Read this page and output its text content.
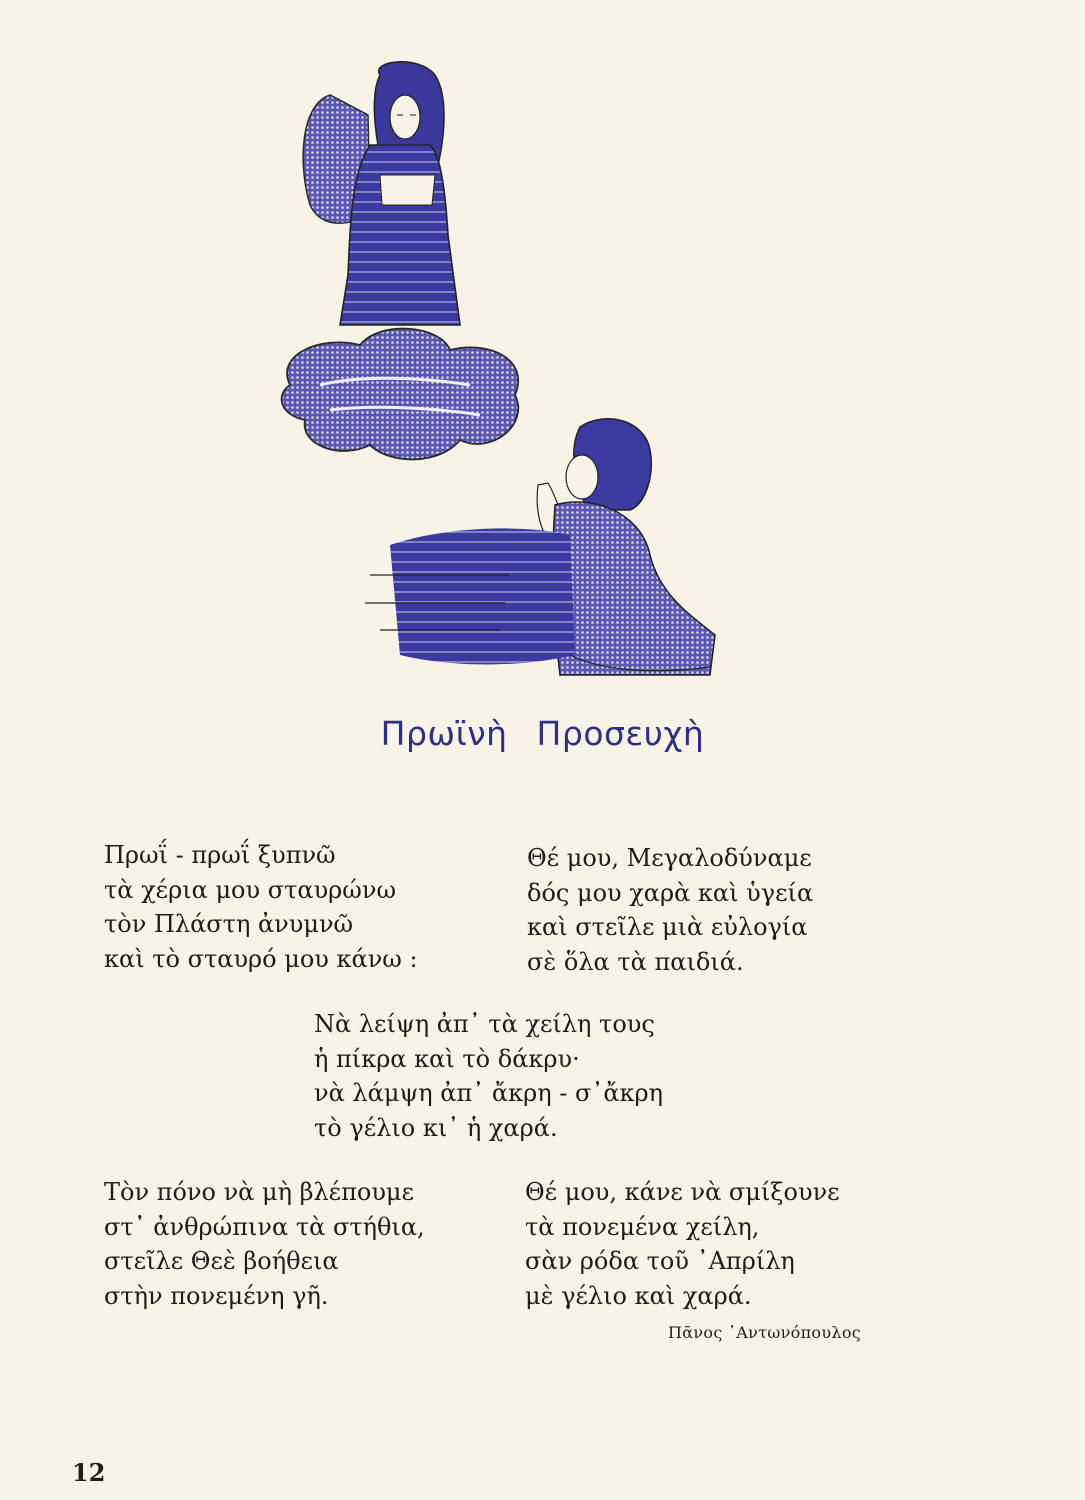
Πρωϊνὴ Προσευχὴ
Πρωΐ - πρωΐ ξυπνῶ
τὰ χέρια μου σταυρώνω
τὸν Πλάστη ἀνυμνῶ
καὶ τὸ σταυρό μου κάνω :
Θέ μου, Μεγαλοδύναμε
δός μου χαρὰ καὶ ὑγεία
καὶ στεῖλε μιὰ εὐλογία
σὲ ὅλα τὰ παιδιά.
Νὰ λείψη ἀπ᾽ τὰ χείλη τους
ἡ πίκρα καὶ τὸ δάκρυ·
νὰ λάμψη ἀπ᾽ ἄκρη - σ᾽ἄκρη
τὸ γέλιο κι᾽ ἡ χαρά.
Τὸν πόνο νὰ μὴ βλέπουμε
στ᾽ ἀνθρώπινα τὰ στήθια,
στεῖλε Θεὲ βοήθεια
στὴν πονεμένη γῆ.
Θέ μου, κάνε νὰ σμίξουνε
τὰ πονεμένα χείλη,
σὰν ρόδα τοῦ ᾽Απρίλη
μὲ γέλιο καὶ χαρά.
Πᾶνος ᾽Αντωνόπουλος
12
